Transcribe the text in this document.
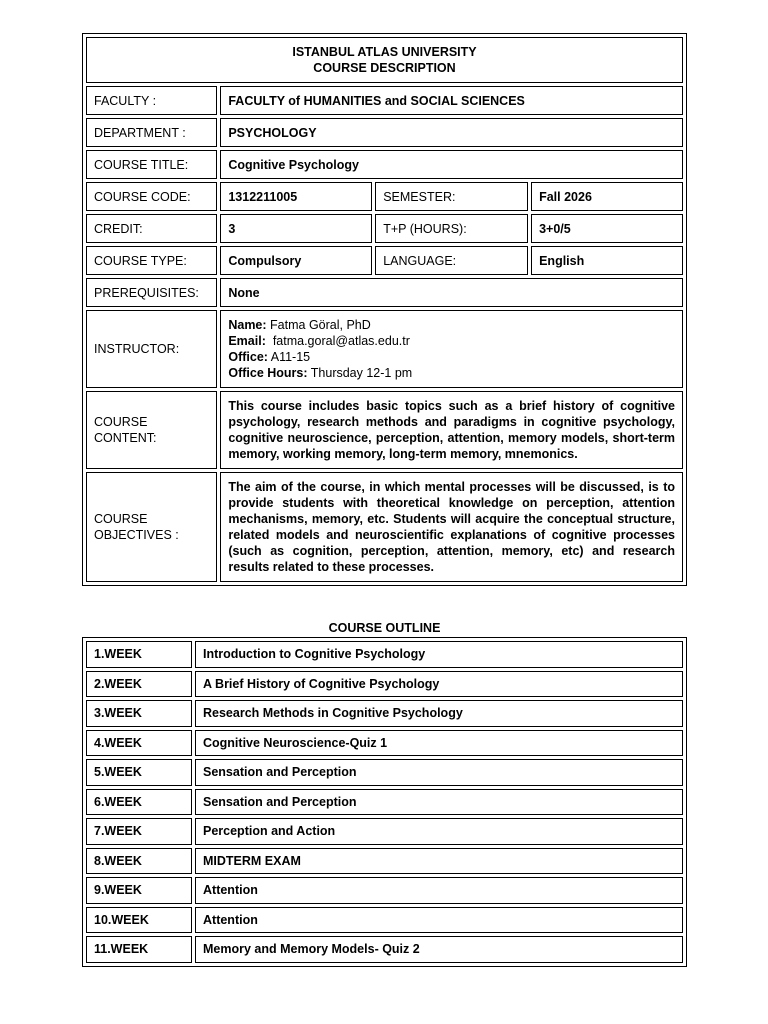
ISTANBUL ATLAS UNIVERSITY
COURSE DESCRIPTION			

FACULTY :	FACULTY of HUMANITIES and SOCIAL SCIENCES		
DEPARTMENT :	PSYCHOLOGY		
COURSE TITLE:	Cognitive Psychology		
COURSE CODE:	1312211005	SEMESTER:	Fall 2026
CREDIT:	3	T+P (HOURS):	3+0/5
COURSE TYPE:	Compulsory	LANGUAGE:	English
PREREQUISITES:	None		
INSTRUCTOR:	Name: Fatma Göral, PhD
Email: fatma.goral@atlas.edu.tr
Office: A11-15
Office Hours: Thursday 12-1 pm		

COURSE CONTENT:	This course includes basic topics such as a brief history of cognitive psychology, research methods and paradigms in cognitive psychology, cognitive neuroscience, perception, attention, memory models, short-term memory, working memory, long-term memory, mnemonics.		

COURSE
OBJECTIVES :	The aim of the course, in which mental processes will be discussed, is to provide students with theoretical knowledge on perception, attention mechanisms, memory, etc. Students will acquire the conceptual structure, related models and neuroscientific explanations of cognitive processes (such as cognition, perception, attention, memory, etc) and research results related to these processes.		
COURSE OUTLINE
1.WEEK	Introduction to Cognitive Psychology
2.WEEK	A Brief History of Cognitive Psychology
3.WEEK	Research Methods in Cognitive Psychology
4.WEEK	Cognitive Neuroscience-Quiz 1
5.WEEK	Sensation and Perception
6.WEEK	Sensation and Perception
7.WEEK	Perception and Action
8.WEEK	MIDTERM EXAM
9.WEEK	Attention
10.WEEK	Attention
11.WEEK	Memory and Memory Models- Quiz 2
